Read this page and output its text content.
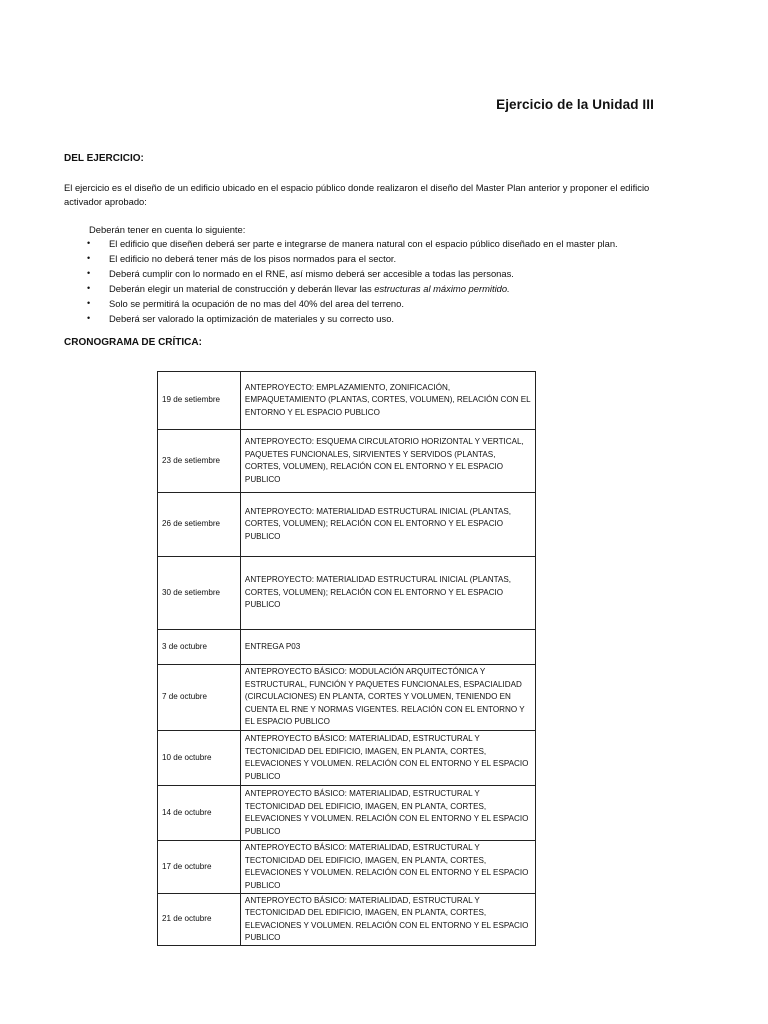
Ejercicio de la Unidad III
DEL EJERCICIO:

El ejercicio es el diseño de un edificio ubicado en el espacio público donde realizaron el diseño del Master Plan anterior y proponer el edificio activador aprobado:

Deberán tener en cuenta lo siguiente:

• El edificio que diseñen deberá ser parte e integrarse de manera natural con el espacio público diseñado en el master plan.
• El edificio no deberá tener más de los pisos normados para el sector.
• Deberá cumplir con lo normado en el RNE, así mismo deberá ser accesible a todas las personas.
• Deberán elegir un material de construcción y deberán llevar las estructuras al máximo permitido.
• Solo se permitirá la ocupación de no mas del 40% del area del terreno.
• Deberá ser valorado la optimización de materiales y su correcto uso.
CRONOGRAMA DE CRÍTICA:
19 de setiembre	ANTEPROYECTO: EMPLAZAMIENTO, ZONIFICACIÓN, EMPAQUETAMIENTO (PLANTAS, CORTES, VOLUMEN), RELACIÓN CON EL ENTORNO Y EL ESPACIO PUBLICO
23 de setiembre	ANTEPROYECTO: ESQUEMA CIRCULATORIO HORIZONTAL Y VERTICAL, PAQUETES FUNCIONALES, SIRVIENTES Y SERVIDOS (PLANTAS, CORTES, VOLUMEN), RELACIÓN CON EL ENTORNO Y EL ESPACIO PUBLICO
26 de setiembre	ANTEPROYECTO: MATERIALIDAD ESTRUCTURAL INICIAL (PLANTAS, CORTES, VOLUMEN); RELACIÓN CON EL ENTORNO Y EL ESPACIO PUBLICO
30 de setiembre	ANTEPROYECTO: MATERIALIDAD ESTRUCTURAL INICIAL (PLANTAS, CORTES, VOLUMEN); RELACIÓN CON EL ENTORNO Y EL ESPACIO PUBLICO
3 de octubre	ENTREGA P03
7 de octubre	ANTEPROYECTO BÁSICO: MODULACIÓN ARQUITECTÓNICA Y ESTRUCTURAL, FUNCIÓN Y PAQUETES FUNCIONALES, ESPACIALIDAD (CIRCULACIONES) EN PLANTA, CORTES Y VOLUMEN, TENIENDO EN CUENTA EL RNE Y NORMAS VIGENTES. RELACIÓN CON EL ENTORNO Y EL ESPACIO PUBLICO
10 de octubre	ANTEPROYECTO BÁSICO: MATERIALIDAD, ESTRUCTURAL Y TECTONICIDAD DEL EDIFICIO, IMAGEN, EN PLANTA, CORTES, ELEVACIONES Y VOLUMEN. RELACIÓN CON EL ENTORNO Y EL ESPACIO PUBLICO
14 de octubre	ANTEPROYECTO BÁSICO: MATERIALIDAD, ESTRUCTURAL Y TECTONICIDAD DEL EDIFICIO, IMAGEN, EN PLANTA, CORTES, ELEVACIONES Y VOLUMEN. RELACIÓN CON EL ENTORNO Y EL ESPACIO PUBLICO
17 de octubre	ANTEPROYECTO BÁSICO: MATERIALIDAD, ESTRUCTURAL Y TECTONICIDAD DEL EDIFICIO, IMAGEN, EN PLANTA, CORTES, ELEVACIONES Y VOLUMEN. RELACIÓN CON EL ENTORNO Y EL ESPACIO PUBLICO
21 de octubre	ANTEPROYECTO BÁSICO: MATERIALIDAD, ESTRUCTURAL Y TECTONICIDAD DEL EDIFICIO, IMAGEN, EN PLANTA, CORTES, ELEVACIONES Y VOLUMEN. RELACIÓN CON EL ENTORNO Y EL ESPACIO PUBLICO
